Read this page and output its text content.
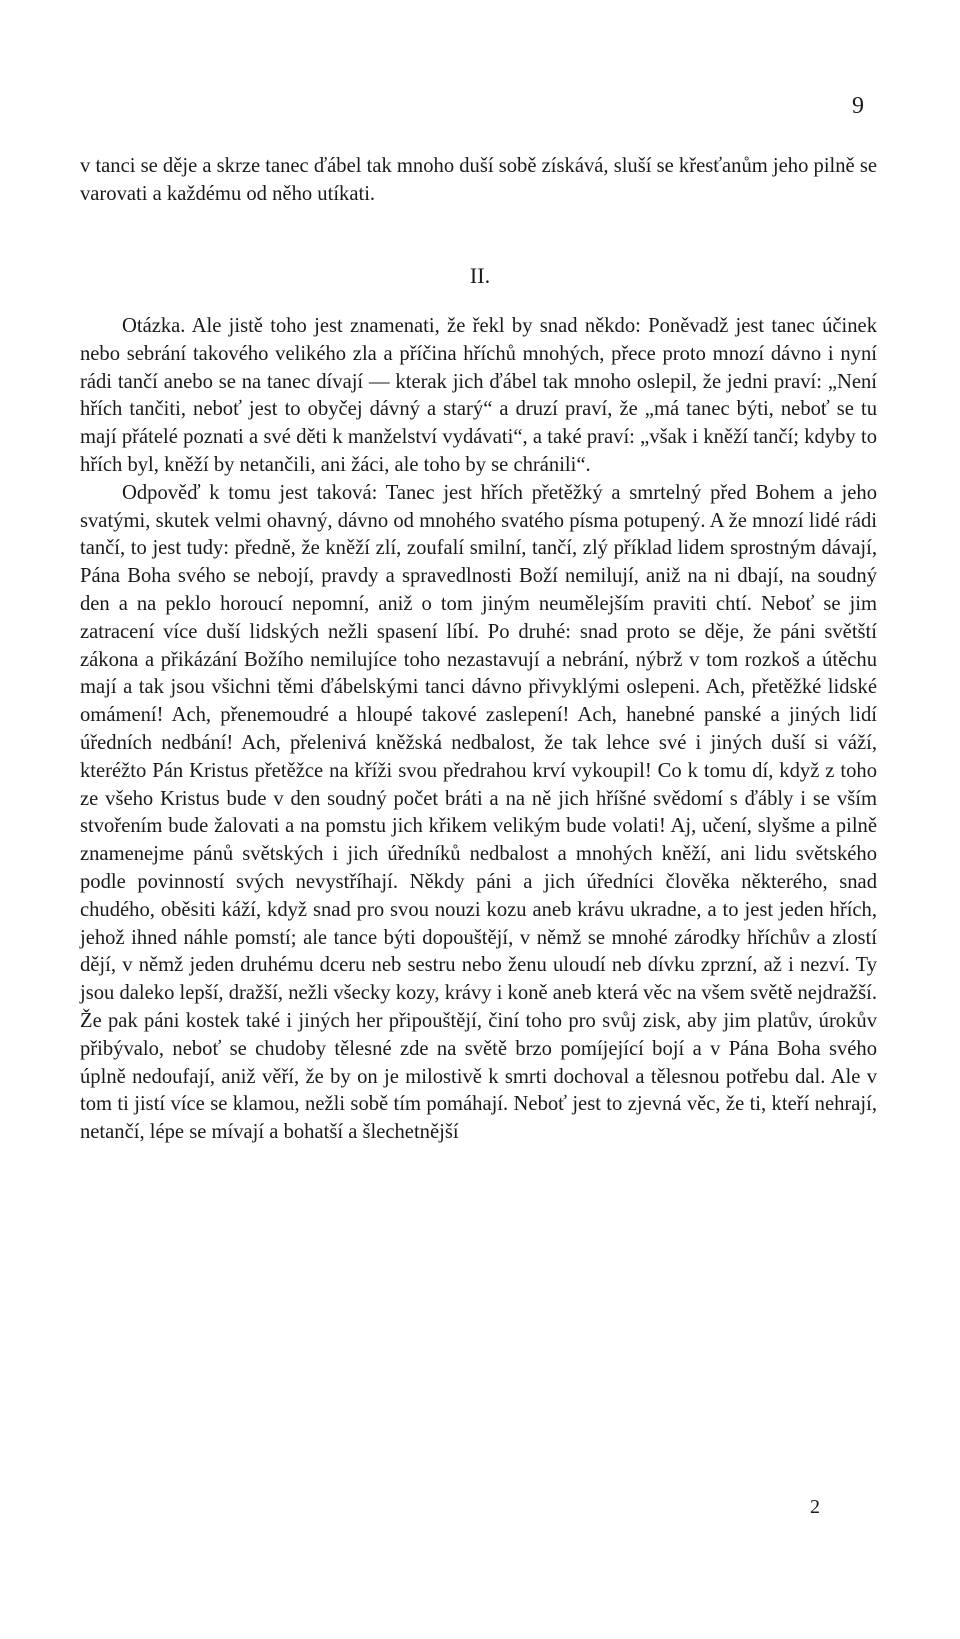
9

v tanci se děje a skrze tanec ďábel tak mnoho duší sobě získává, sluší se křesťanům jeho pilně se varovati a každému od něho utíkati.

II.

Otázka. Ale jistě toho jest znamenati, že řekl by snad někdo: Poněvadž jest tanec účinek nebo sebrání takového velikého zla a příčina hříchů mnohých, přece proto mnozí dávno i nyní rádi tančí anebo se na tanec dívají — kterak jich ďábel tak mnoho oslepil, že jedni praví: „Není hřích tančiti, neboť jest to obyčej dávný a starý“ a druzí praví, že „má tanec býti, neboť se tu mají přátelé poznati a své děti k manželství vydávati“, a také praví: „však i kněží tančí; kdyby to hřích byl, kněží by netančili, ani žáci, ale toho by se chránili“.

Odpověď k tomu jest taková: Tanec jest hřích přetěžký a smrtelný před Bohem a jeho svatými, skutek velmi ohavný, dávno od mnohého svatého písma potupený. A že mnozí lidé rádi tančí, to jest tudy: předně, že kněží zlí, zoufalí smilní, tančí, zlý příklad lidem sprostným dávají, Pána Boha svého se nebojí, pravdy a spravedlnosti Boží nemilují, aniž na ni dbají, na soudný den a na peklo horoucí nepomní, aniž o tom jiným neumělejším praviti chtí. Neboť se jim zatracení více duší lidských nežli spasení líbí. Po druhé: snad proto se děje, že páni světští zákona a přikázání Božího nemilujíce toho nezastavují a nebrání, nýbrž v tom rozkoš a útěchu mají a tak jsou všichni těmi ďábelskými tanci dávno přivyklými oslepeni. Ach, přetěžké lidské omámení! Ach, přenemoudré a hloupé takové zaslepení! Ach, hanebné panské a jiných lidí úředních nedbání! Ach, přelenivá kněžská nedbalost, že tak lehce své i jiných duší si váží, kteréžto Pán Kristus přetěžce na kříži svou předrahou krví vykoupil! Co k tomu dí, když z toho ze všeho Kristus bude v den soudný počet bráti a na ně jich hříšné svědomí s ďábly i se vším stvořením bude žalovati a na pomstu jich křikem velikým bude volati! Aj, učení, slyšme a pilně znamenejme pánů světských i jich úředníků nedbalost a mnohých kněží, ani lidu světského podle povinností svých nevystříhají. Někdy páni a jich úředníci člověka některého, snad chudého, oběsiti káží, když snad pro svou nouzi kozu aneb krávu ukradne, a to jest jeden hřích, jehož ihned náhle pomstí; ale tance býti dopouštějí, v němž se mnohé zárodky hříchův a zlostí dějí, v němž jeden druhému dceru neb sestru nebo ženu uloudí neb dívku zprzní, až i nezví. Ty jsou daleko lepší, dražší, nežli všecky kozy, krávy i koně aneb která věc na všem světě nejdražší. Že pak páni kostek také i jiných her připouštějí, činí toho pro svůj zisk, aby jim platův, úrokův přibývalo, neboť se chudoby tělesné zde na světě brzo pomíjející bojí a v Pána Boha svého úplně nedoufají, aniž věří, že by on je milostivě k smrti dochoval a tělesnou potřebu dal. Ale v tom ti jistí více se klamou, nežli sobě tím pomáhají. Neboť jest to zjevná věc, že ti, kteří nehrají, netančí, lépe se mívají a bohatší a šlechetnější

2
